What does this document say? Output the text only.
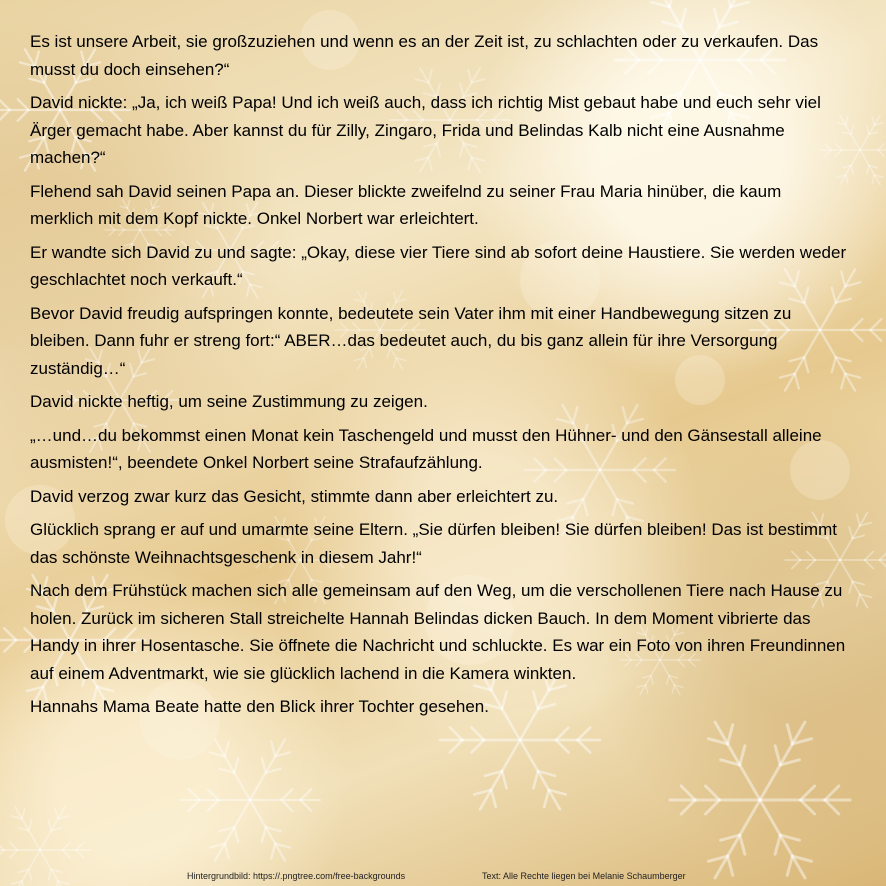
Es ist unsere Arbeit, sie großzuziehen und wenn es an der Zeit ist, zu schlachten oder zu verkaufen. Das musst du doch einsehen?“

David nickte: „Ja, ich weiß Papa! Und ich weiß auch, dass ich richtig Mist gebaut habe und euch sehr viel Ärger gemacht habe. Aber kannst du für Zilly, Zingaro, Frida und Belindas Kalb nicht eine Ausnahme machen?“

Flehend sah David seinen Papa an. Dieser blickte zweifelnd zu seiner Frau Maria hinüber, die kaum merklich mit dem Kopf nickte. Onkel Norbert war erleichtert.

Er wandte sich David zu und sagte: „Okay, diese vier Tiere sind ab sofort deine Haustiere. Sie werden weder geschlachtet noch verkauft.“

Bevor David freudig aufspringen konnte, bedeutete sein Vater ihm mit einer Handbewegung sitzen zu bleiben. Dann fuhr er streng fort:“ ABER…das bedeutet auch, du bis ganz allein für ihre Versorgung zuständig…“

David nickte heftig, um seine Zustimmung zu zeigen.

„…und…du bekommst einen Monat kein Taschengeld und musst den Hühner- und den Gänsestall alleine ausmisten!“, beendete Onkel Norbert seine Strafaufzählung.

David verzog zwar kurz das Gesicht, stimmte dann aber erleichtert zu.

Glücklich sprang er auf und umarmte seine Eltern. „Sie dürfen bleiben! Sie dürfen bleiben! Das ist bestimmt das schönste Weihnachtsgeschenk in diesem Jahr!“

Nach dem Frühstück machen sich alle gemeinsam auf den Weg, um die verschollenen Tiere nach Hause zu holen. Zurück im sicheren Stall streichelte Hannah Belindas dicken Bauch. In dem Moment vibrierte das Handy in ihrer Hosentasche. Sie öffnete die Nachricht und schluckte. Es war ein Foto von ihren Freundinnen auf einem Adventmarkt, wie sie glücklich lachend in die Kamera winkten.

Hannahs Mama Beate hatte den Blick ihrer Tochter gesehen.

Hintergrundbild: https://.pngtree.com/free-backgrounds	Text: Alle Rechte liegen bei Melanie Schaumberger
